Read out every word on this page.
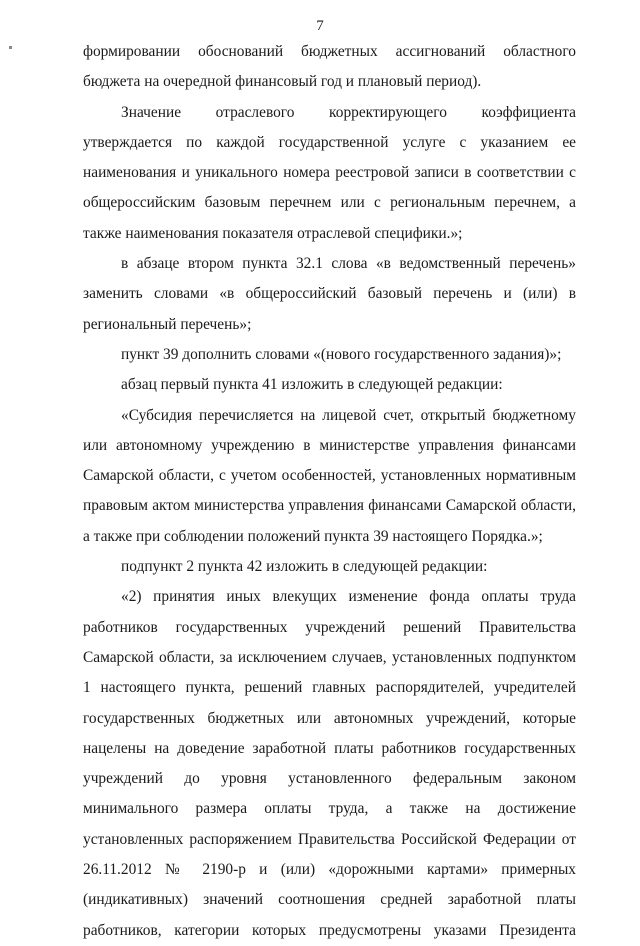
7

формировании обоснований бюджетных ассигнований областного бюджета на очередной финансовый год и плановый период).

Значение отраслевого корректирующего коэффициента утверждается по каждой государственной услуге с указанием ее наименования и уникального номера реестровой записи в соответствии с общероссийским базовым перечнем или с региональным перечнем, а также наименования показателя отраслевой специфики.»;

в абзаце втором пункта 32.1 слова «в ведомственный перечень» заменить словами «в общероссийский базовый перечень и (или) в региональный перечень»;

пункт 39 дополнить словами «(нового государственного задания)»;

абзац первый пункта 41 изложить в следующей редакции:

«Субсидия перечисляется на лицевой счет, открытый бюджетному или автономному учреждению в министерстве управления финансами Самарской области, с учетом особенностей, установленных нормативным правовым актом министерства управления финансами Самарской области, а также при соблюдении положений пункта 39 настоящего Порядка.»;

подпункт 2 пункта 42 изложить в следующей редакции:

«2) принятия иных влекущих изменение фонда оплаты труда работников государственных учреждений решений Правительства Самарской области, за исключением случаев, установленных подпунктом 1 настоящего пункта, решений главных распорядителей, учредителей государственных бюджетных или автономных учреждений, которые нацелены на доведение заработной платы работников государственных учреждений до уровня установленного федеральным законом минимального размера оплаты труда, а также на достижение установленных распоряжением Правительства Российской Федерации от 26.11.2012 № 2190-р и (или) «дорожными картами» примерных (индикативных) значений соотношения средней заработной платы работников, категории которых предусмотрены указами Президента
